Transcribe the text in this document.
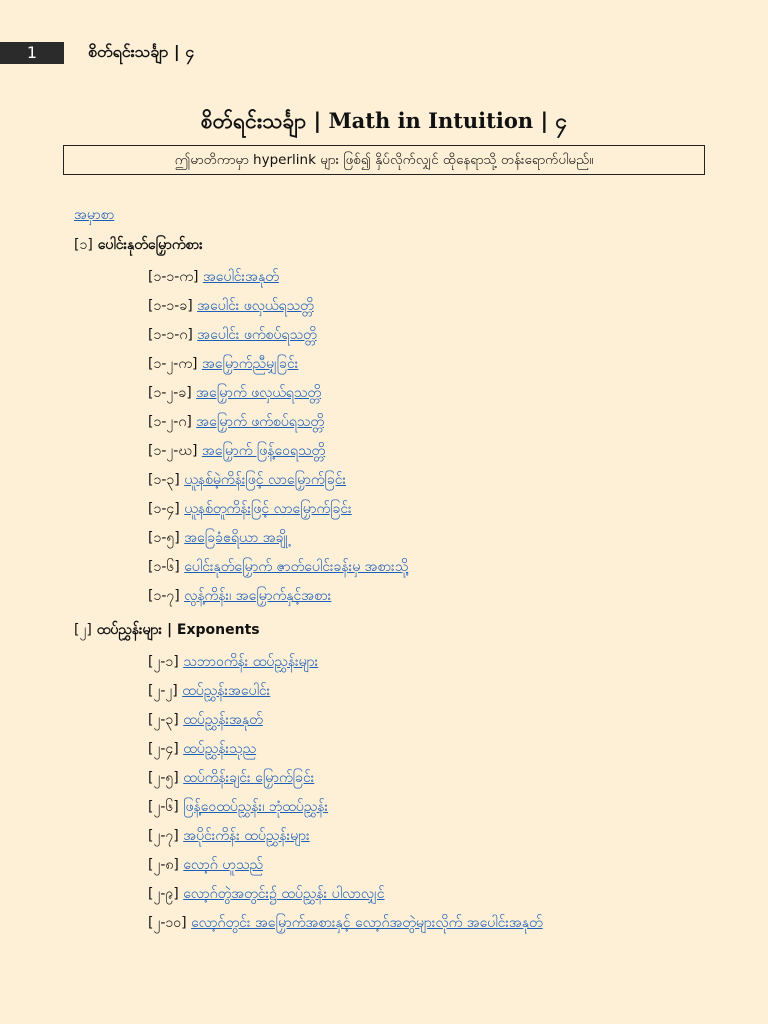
1	စိတ်ရင်းသင်္ချာ | ၄
စိတ်ရင်းသင်္ချာ | Math in Intuition | ၄
ဤမာတိကာမှာ hyperlink များ ဖြစ်၍ နှိပ်လိုက်လျှင် ထိုနေရာသို့ တန်းရောက်ပါမည်။
အမှာစာ
[၁] ပေါင်းနုတ်မြှောက်စား
[၁-၁-က] အပေါင်းအနုတ်
[၁-၁-ခ] အပေါင်း ဖလှယ်ရသတ္တိ
[၁-၁-ဂ] အပေါင်း ဖက်စပ်ရသတ္တိ
[၁-၂-က] အမြှောက်ညီမျှခြင်း
[၁-၂-ခ] အမြှောက် ဖလှယ်ရသတ္တိ
[၁-၂-ဂ] အမြှောက် ဖက်စပ်ရသတ္တိ
[၁-၂-ဃ] အမြှောက် ဖြန့်ဝေရသတ္တိ
[၁-၃] ယူနစ်မဲ့ကိန်းဖြင့် လာမြှောက်ခြင်း
[၁-၄] ယူနစ်တူကိန်းဖြင့် လာမြှောက်ခြင်း
[၁-၅] အခြေခံဧရိယာ အချို့
[၁-၆] ပေါင်းနုတ်မြှောက် ဇာတ်ပေါင်းခန်းမှ အစားသို့
[၁-၇] လွန့်ကိန်း၊ အမြှောက်နှင့်အစား
[၂] ထပ်ညွှန်းများ | Exponents
[၂-၁] သဘာဝကိန်း ထပ်ညွှန်းများ
[၂-၂] ထပ်ညွှန်းအပေါင်း
[၂-၃] ထပ်ညွှန်းအနုတ်
[၂-၄] ထပ်ညွှန်းသုည
[၂-၅] ထပ်ကိန်းချင်း မြှောက်ခြင်း
[၂-၆] ဖြန့်ဝေထပ်ညွှန်း၊ ဘုံထပ်ညွှန်း
[၂-၇] အပိုင်းကိန်း ထပ်ညွှန်းများ
[၂-၈] လော့ဂ် ဟူသည်
[၂-၉] လော့ဂ်တွဲအတွင်း၌ ထပ်ညွှန်း ပါလာလျှင်
[၂-၁၀] လော့ဂ်တွင်း အမြှောက်အစားနှင့် လော့ဂ်အတွဲများလိုက် အပေါင်းအနုတ်
